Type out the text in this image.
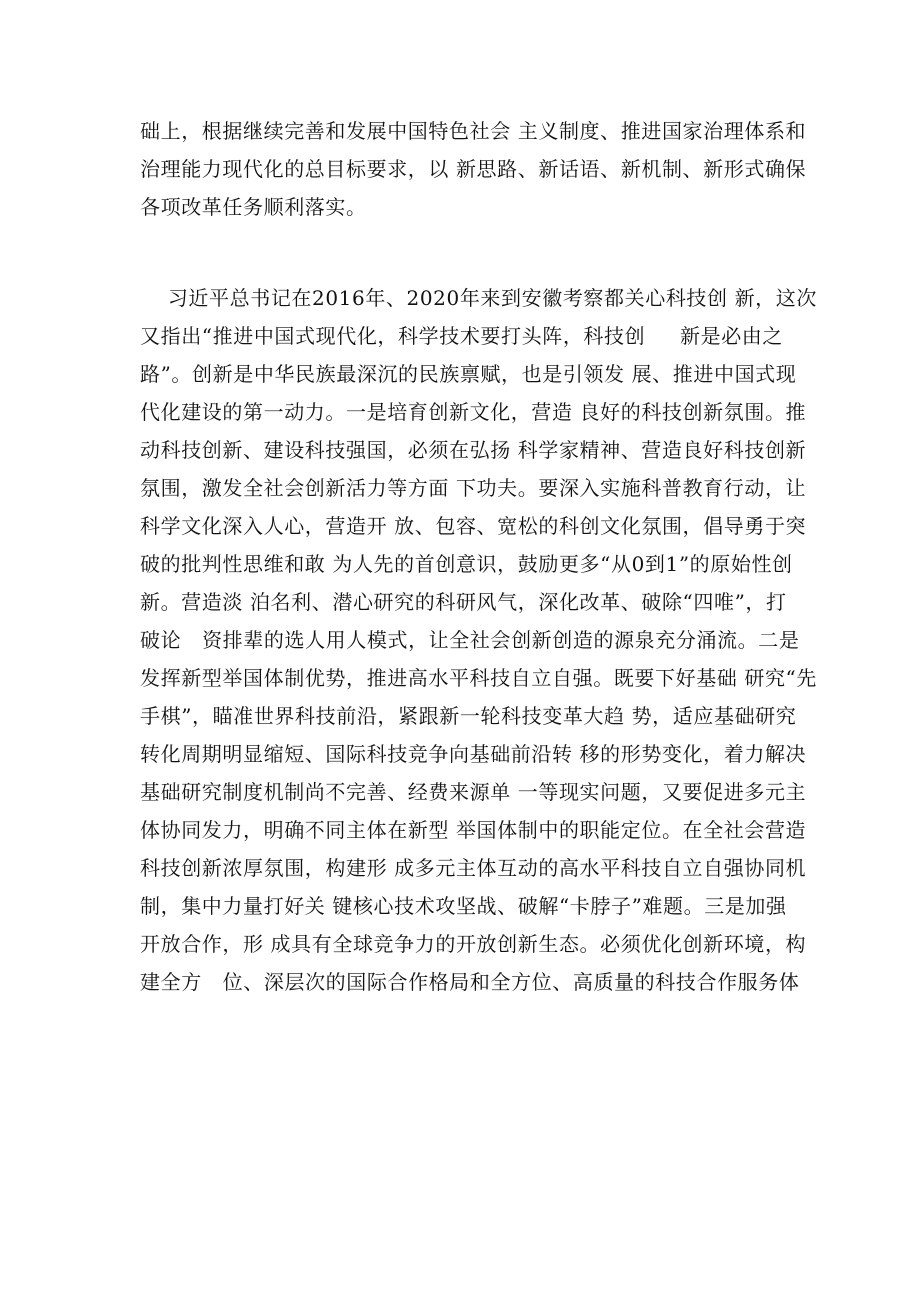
础上，根据继续完善和发展中国特色社会 主义制度、推进国家治理体系和
治理能力现代化的总目标要求，以 新思路、新话语、新机制、新形式确保
各项改革任务顺利落实。
习近平总书记在2016年、2020年来到安徽考察都关心科技创 新，这次
又指出“推进中国式现代化，科学技术要打头阵，科技创     新是必由之
路”。创新是中华民族最深沉的民族禀赋，也是引领发 展、推进中国式现
代化建设的第一动力。一是培育创新文化，营造 良好的科技创新氛围。推
动科技创新、建设科技强国，必须在弘扬 科学家精神、营造良好科技创新
氛围，激发全社会创新活力等方面 下功夫。要深入实施科普教育行动，让
科学文化深入人心，营造开 放、包容、宽松的科创文化氛围，倡导勇于突
破的批判性思维和敢 为人先的首创意识，鼓励更多“从0到1”的原始性创
新。营造淡 泊名利、潜心研究的科研风气，深化改革、破除“四唯”，打
破论   资排辈的选人用人模式，让全社会创新创造的源泉充分涌流。二是
发挥新型举国体制优势，推进高水平科技自立自强。既要下好基础 研究“先
手棋”，瞄准世界科技前沿，紧跟新一轮科技变革大趋 势，适应基础研究
转化周期明显缩短、国际科技竞争向基础前沿转 移的形势变化，着力解决
基础研究制度机制尚不完善、经费来源单 一等现实问题，又要促进多元主
体协同发力，明确不同主体在新型 举国体制中的职能定位。在全社会营造
科技创新浓厚氛围，构建形 成多元主体互动的高水平科技自立自强协同机
制，集中力量打好关 键核心技术攻坚战、破解“卡脖子”难题。三是加强
开放合作，形 成具有全球竞争力的开放创新生态。必须优化创新环境，构
建全方   位、深层次的国际合作格局和全方位、高质量的科技合作服务体
